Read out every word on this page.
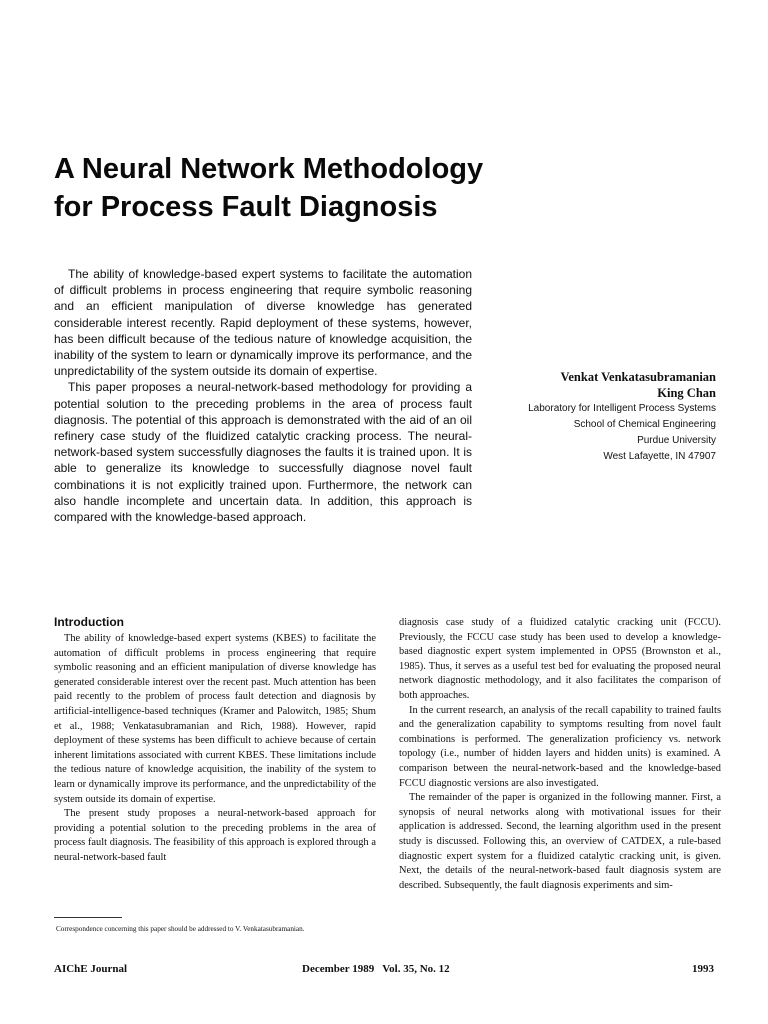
A Neural Network Methodology
for Process Fault Diagnosis

The ability of knowledge-based expert systems to facilitate the automation of difficult problems in process engineering that require symbolic reasoning and an efficient manipulation of diverse knowledge has generated considerable interest recently. Rapid deployment of these systems, however, has been difficult because of the tedious nature of knowledge acquisition, the inability of the system to learn or dynamically improve its performance, and the unpredictability of the system outside its domain of expertise.

This paper proposes a neural-network-based methodology for providing a potential solution to the preceding problems in the area of process fault diagnosis. The potential of this approach is demonstrated with the aid of an oil refinery case study of the fluidized catalytic cracking process. The neural-network-based system successfully diagnoses the faults it is trained upon. It is able to generalize its knowledge to successfully diagnose novel fault combinations it is not explicitly trained upon. Furthermore, the network can also handle incomplete and uncertain data. In addition, this approach is compared with the knowledge-based approach.

Venkat Venkatasubramanian
King Chan
Laboratory for Intelligent Process Systems
School of Chemical Engineering
Purdue University
West Lafayette, IN 47907
Introduction

The ability of knowledge-based expert systems (KBES) to facilitate the automation of difficult problems in process engineering that require symbolic reasoning and an efficient manipulation of diverse knowledge has generated considerable interest over the recent past. Much attention has been paid recently to the problem of process fault detection and diagnosis by artificial-intelligence-based techniques (Kramer and Palowitch, 1985; Shum et al., 1988; Venkatasubramanian and Rich, 1988). However, rapid deployment of these systems has been difficult to achieve because of certain inherent limitations associated with current KBES. These limitations include the tedious nature of knowledge acquisition, the inability of the system to learn or dynamically improve its performance, and the unpredictability of the system outside its domain of expertise.

The present study proposes a neural-network-based approach for providing a potential solution to the preceding problems in the area of process fault diagnosis. The feasibility of this approach is explored through a neural-network-based fault

diagnosis case study of a fluidized catalytic cracking unit (FCCU). Previously, the FCCU case study has been used to develop a knowledge-based diagnostic expert system implemented in OPS5 (Brownston et al., 1985). Thus, it serves as a useful test bed for evaluating the proposed neural network diagnostic methodology, and it also facilitates the comparison of both approaches.

In the current research, an analysis of the recall capability to trained faults and the generalization capability to symptoms resulting from novel fault combinations is performed. The generalization proficiency vs. network topology (i.e., number of hidden layers and hidden units) is examined. A comparison between the neural-network-based and the knowledge-based FCCU diagnostic versions are also investigated.

The remainder of the paper is organized in the following manner. First, a synopsis of neural networks along with motivational issues for their application is addressed. Second, the learning algorithm used in the present study is discussed. Following this, an overview of CATDEX, a rule-based diagnostic expert system for a fluidized catalytic cracking unit, is given. Next, the details of the neural-network-based fault diagnosis system are described. Subsequently, the fault diagnosis experiments and sim-

Correspondence concerning this paper should be addressed to V. Venkatasubramanian.
AIChE Journal	December 1989   Vol. 35, No. 12	1993
